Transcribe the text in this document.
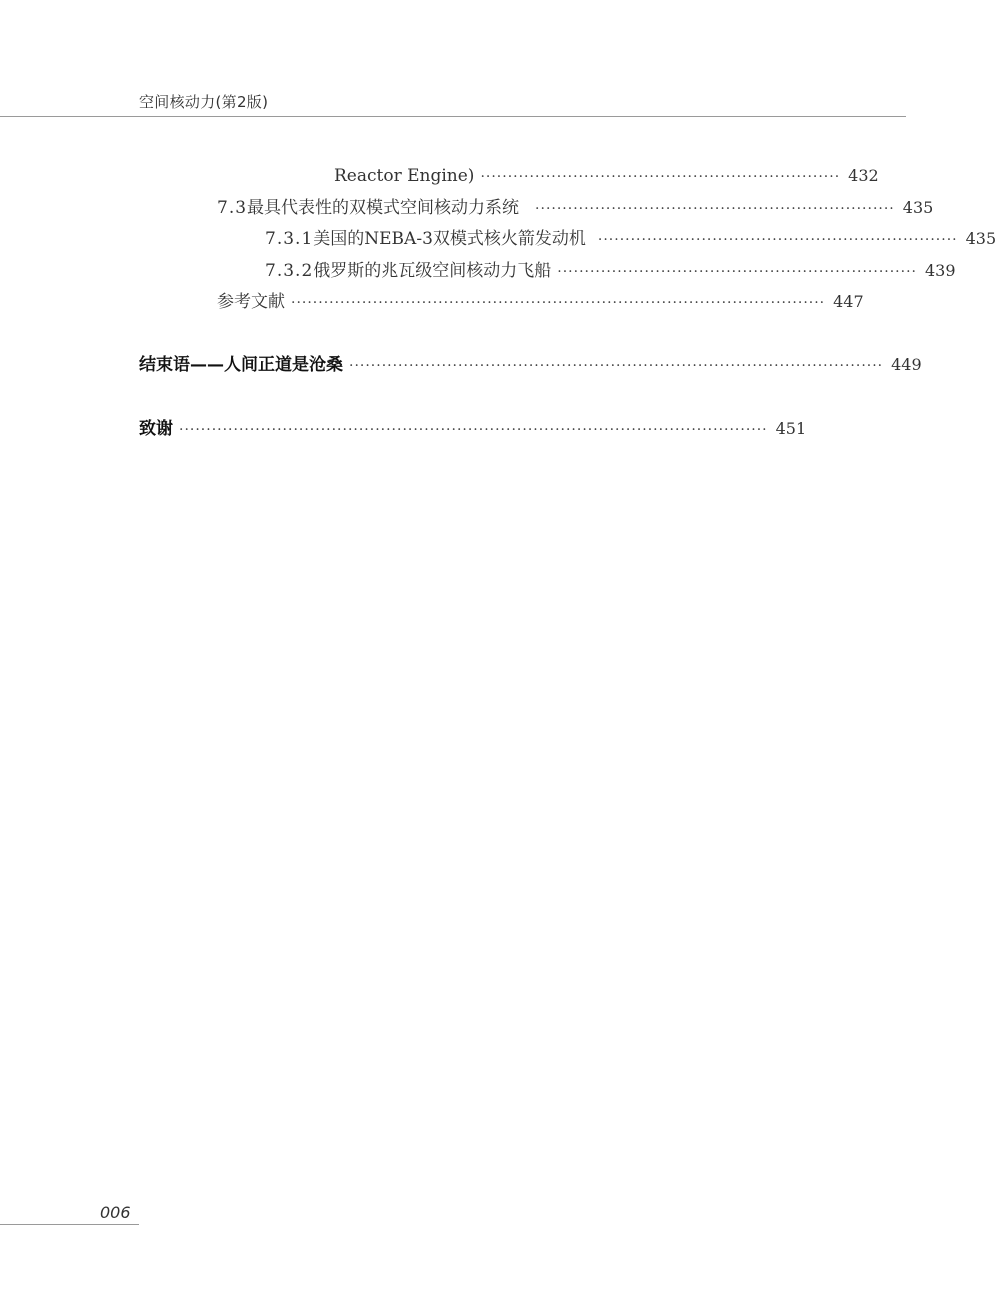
空间核动力(第2版)
Reactor Engine) ·································································· 432
7.3 最具代表性的双模式空间核动力系统 ·································································· 435
7.3.1 美国的NEBA-3双模式核火箭发动机 ·································································· 435
7.3.2 俄罗斯的兆瓦级空间核动力飞船 ·································································· 439
参考文献 ·································································································· 447
结束语——人间正道是沧桑 ·································································································· 449
致谢 ············································································································ 451
006
